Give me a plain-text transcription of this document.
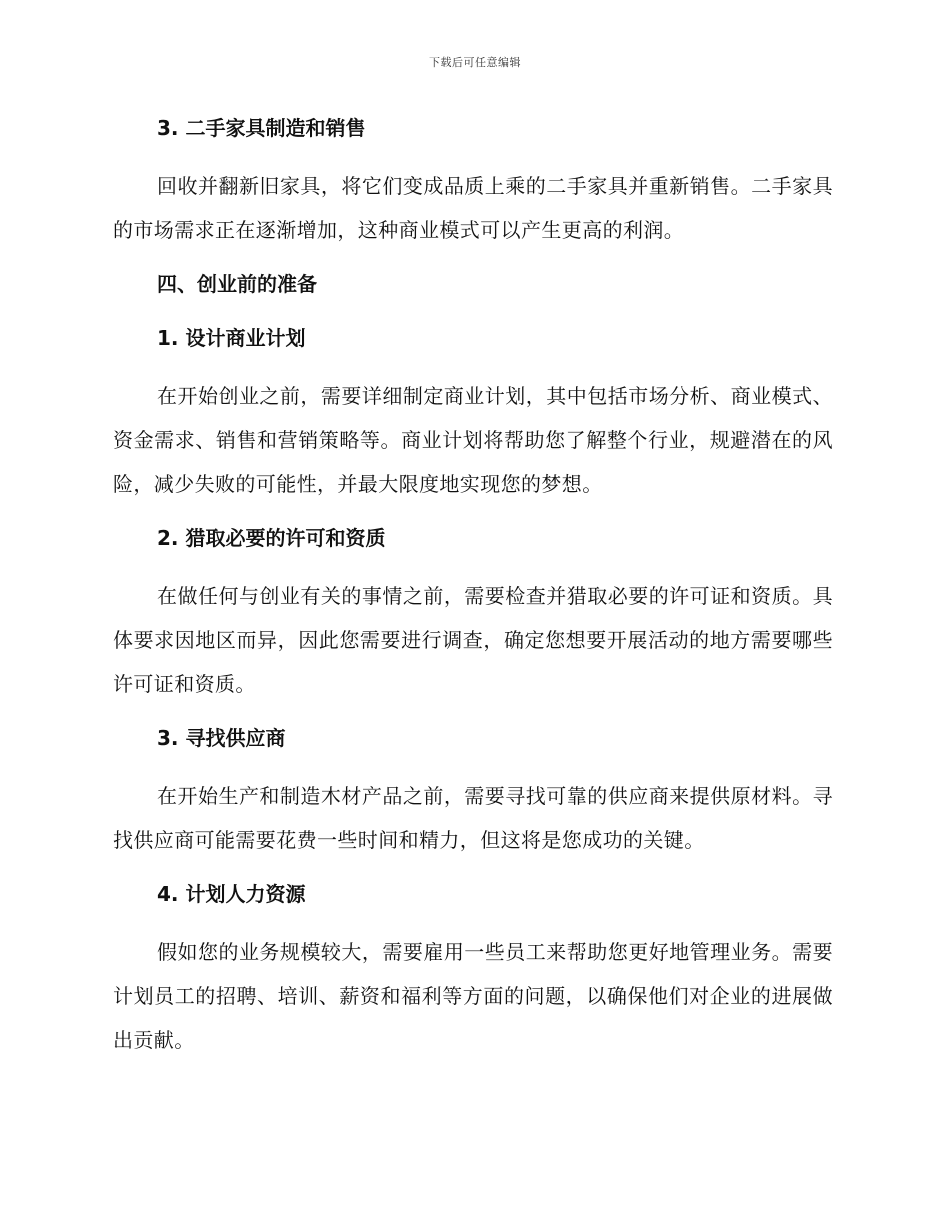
下载后可任意编辑
3. 二手家具制造和销售

回收并翻新旧家具，将它们变成品质上乘的二手家具并重新销售。二手家具的市场需求正在逐渐增加，这种商业模式可以产生更高的利润。

四、创业前的准备
1. 设计商业计划

在开始创业之前，需要详细制定商业计划，其中包括市场分析、商业模式、资金需求、销售和营销策略等。商业计划将帮助您了解整个行业，规避潜在的风险，减少失败的可能性，并最大限度地实现您的梦想。

2. 猎取必要的许可和资质

在做任何与创业有关的事情之前，需要检查并猎取必要的许可证和资质。具体要求因地区而异，因此您需要进行调查，确定您想要开展活动的地方需要哪些许可证和资质。

3. 寻找供应商

在开始生产和制造木材产品之前，需要寻找可靠的供应商来提供原材料。寻找供应商可能需要花费一些时间和精力，但这将是您成功的关键。

4. 计划人力资源

假如您的业务规模较大，需要雇用一些员工来帮助您更好地管理业务。需要计划员工的招聘、培训、薪资和福利等方面的问题，以确保他们对企业的进展做出贡献。
